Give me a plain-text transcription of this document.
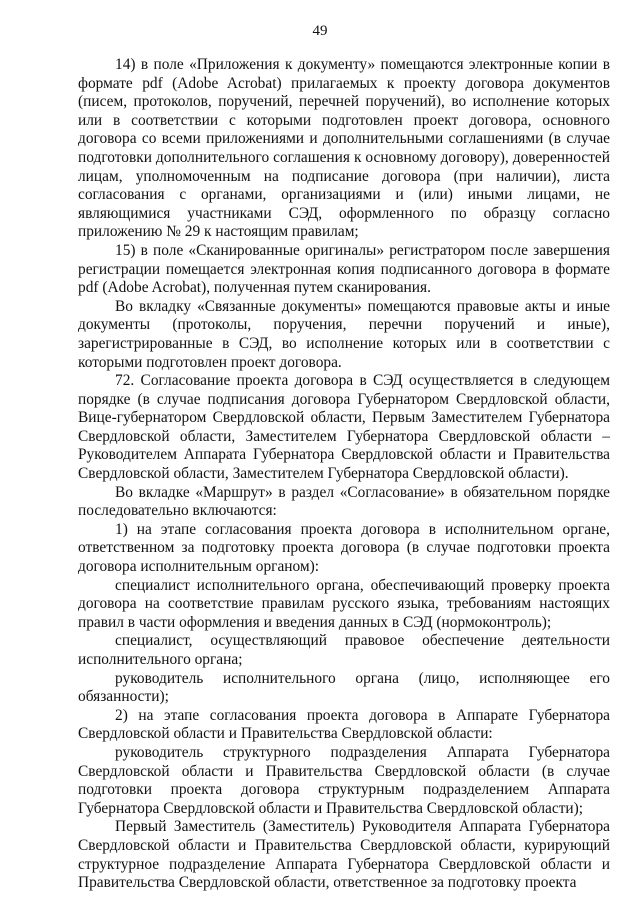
49

14) в поле «Приложения к документу» помещаются электронные копии в формате pdf (Adobe Acrobat) прилагаемых к проекту договора документов (писем, протоколов, поручений, перечней поручений), во исполнение которых или в соответствии с которыми подготовлен проект договора, основного договора со всеми приложениями и дополнительными соглашениями (в случае подготовки дополнительного соглашения к основному договору), доверенностей лицам, уполномоченным на подписание договора (при наличии), листа согласования с органами, организациями и (или) иными лицами, не являющимися участниками СЭД, оформленного по образцу согласно приложению № 29 к настоящим правилам;

15) в поле «Сканированные оригиналы» регистратором после завершения регистрации помещается электронная копия подписанного договора в формате pdf (Adobe Acrobat), полученная путем сканирования.

Во вкладку «Связанные документы» помещаются правовые акты и иные документы (протоколы, поручения, перечни поручений и иные), зарегистрированные в СЭД, во исполнение которых или в соответствии с которыми подготовлен проект договора.

72. Согласование проекта договора в СЭД осуществляется в следующем порядке (в случае подписания договора Губернатором Свердловской области, Вице-губернатором Свердловской области, Первым Заместителем Губернатора Свердловской области, Заместителем Губернатора Свердловской области – Руководителем Аппарата Губернатора Свердловской области и Правительства Свердловской области, Заместителем Губернатора Свердловской области).

Во вкладке «Маршрут» в раздел «Согласование» в обязательном порядке последовательно включаются:

1) на этапе согласования проекта договора в исполнительном органе, ответственном за подготовку проекта договора (в случае подготовки проекта договора исполнительным органом):

специалист исполнительного органа, обеспечивающий проверку проекта договора на соответствие правилам русского языка, требованиям настоящих правил в части оформления и введения данных в СЭД (нормоконтроль);

специалист, осуществляющий правовое обеспечение деятельности исполнительного органа;

руководитель исполнительного органа (лицо, исполняющее его обязанности);

2) на этапе согласования проекта договора в Аппарате Губернатора Свердловской области и Правительства Свердловской области:

руководитель структурного подразделения Аппарата Губернатора Свердловской области и Правительства Свердловской области (в случае подготовки проекта договора структурным подразделением Аппарата Губернатора Свердловской области и Правительства Свердловской области);

Первый Заместитель (Заместитель) Руководителя Аппарата Губернатора Свердловской области и Правительства Свердловской области, курирующий структурное подразделение Аппарата Губернатора Свердловской области и Правительства Свердловской области, ответственное за подготовку проекта
